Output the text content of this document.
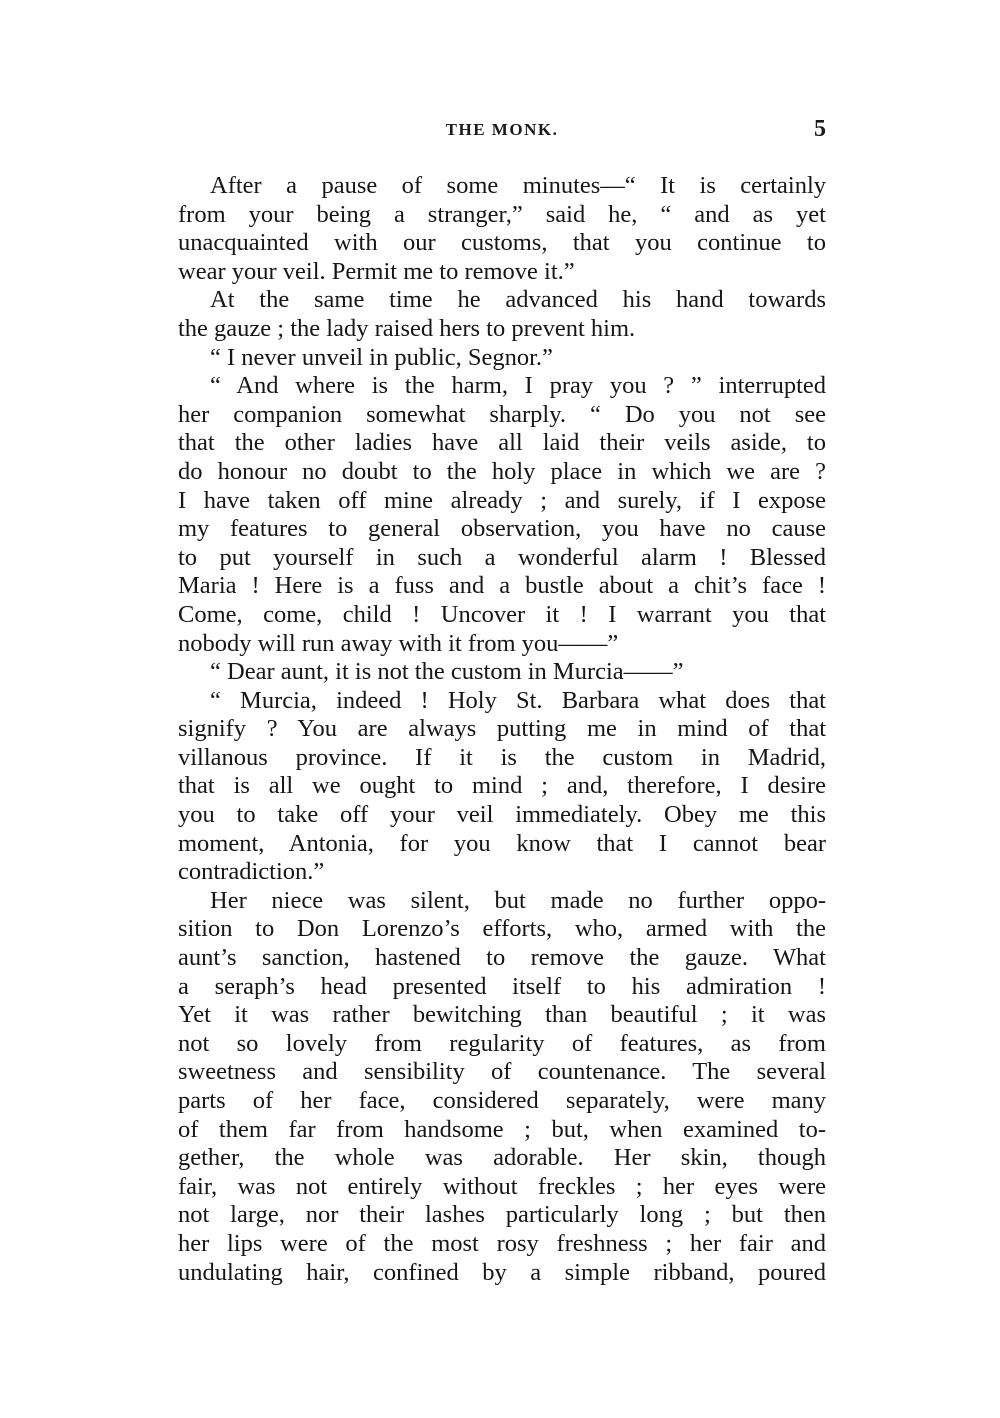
THE MONK.	5
After a pause of some minutes—“ It is certainly
from your being a stranger,” said he, “ and as yet
unacquainted with our customs, that you continue to
wear your veil. Permit me to remove it.”
At the same time he advanced his hand towards
the gauze ; the lady raised hers to prevent him.
“ I never unveil in public, Segnor.”
“ And where is the harm, I pray you ? ” interrupted
her companion somewhat sharply. “ Do you not see
that the other ladies have all laid their veils aside, to
do honour no doubt to the holy place in which we are ?
I have taken off mine already ; and surely, if I expose
my features to general observation, you have no cause
to put yourself in such a wonderful alarm ! Blessed
Maria ! Here is a fuss and a bustle about a chit’s face !
Come, come, child ! Uncover it ! I warrant you that
nobody will run away with it from you——”
“ Dear aunt, it is not the custom in Murcia——”
“ Murcia, indeed ! Holy St. Barbara what does that
signify ? You are always putting me in mind of that
villanous province. If it is the custom in Madrid,
that is all we ought to mind ; and, therefore, I desire
you to take off your veil immediately. Obey me this
moment, Antonia, for you know that I cannot bear
contradiction.”
Her niece was silent, but made no further oppo-
sition to Don Lorenzo’s efforts, who, armed with the
aunt’s sanction, hastened to remove the gauze. What
a seraph’s head presented itself to his admiration !
Yet it was rather bewitching than beautiful ; it was
not so lovely from regularity of features, as from
sweetness and sensibility of countenance. The several
parts of her face, considered separately, were many
of them far from handsome ; but, when examined to-
gether, the whole was adorable. Her skin, though
fair, was not entirely without freckles ; her eyes were
not large, nor their lashes particularly long ; but then
her lips were of the most rosy freshness ; her fair and
undulating hair, confined by a simple ribband, poured
